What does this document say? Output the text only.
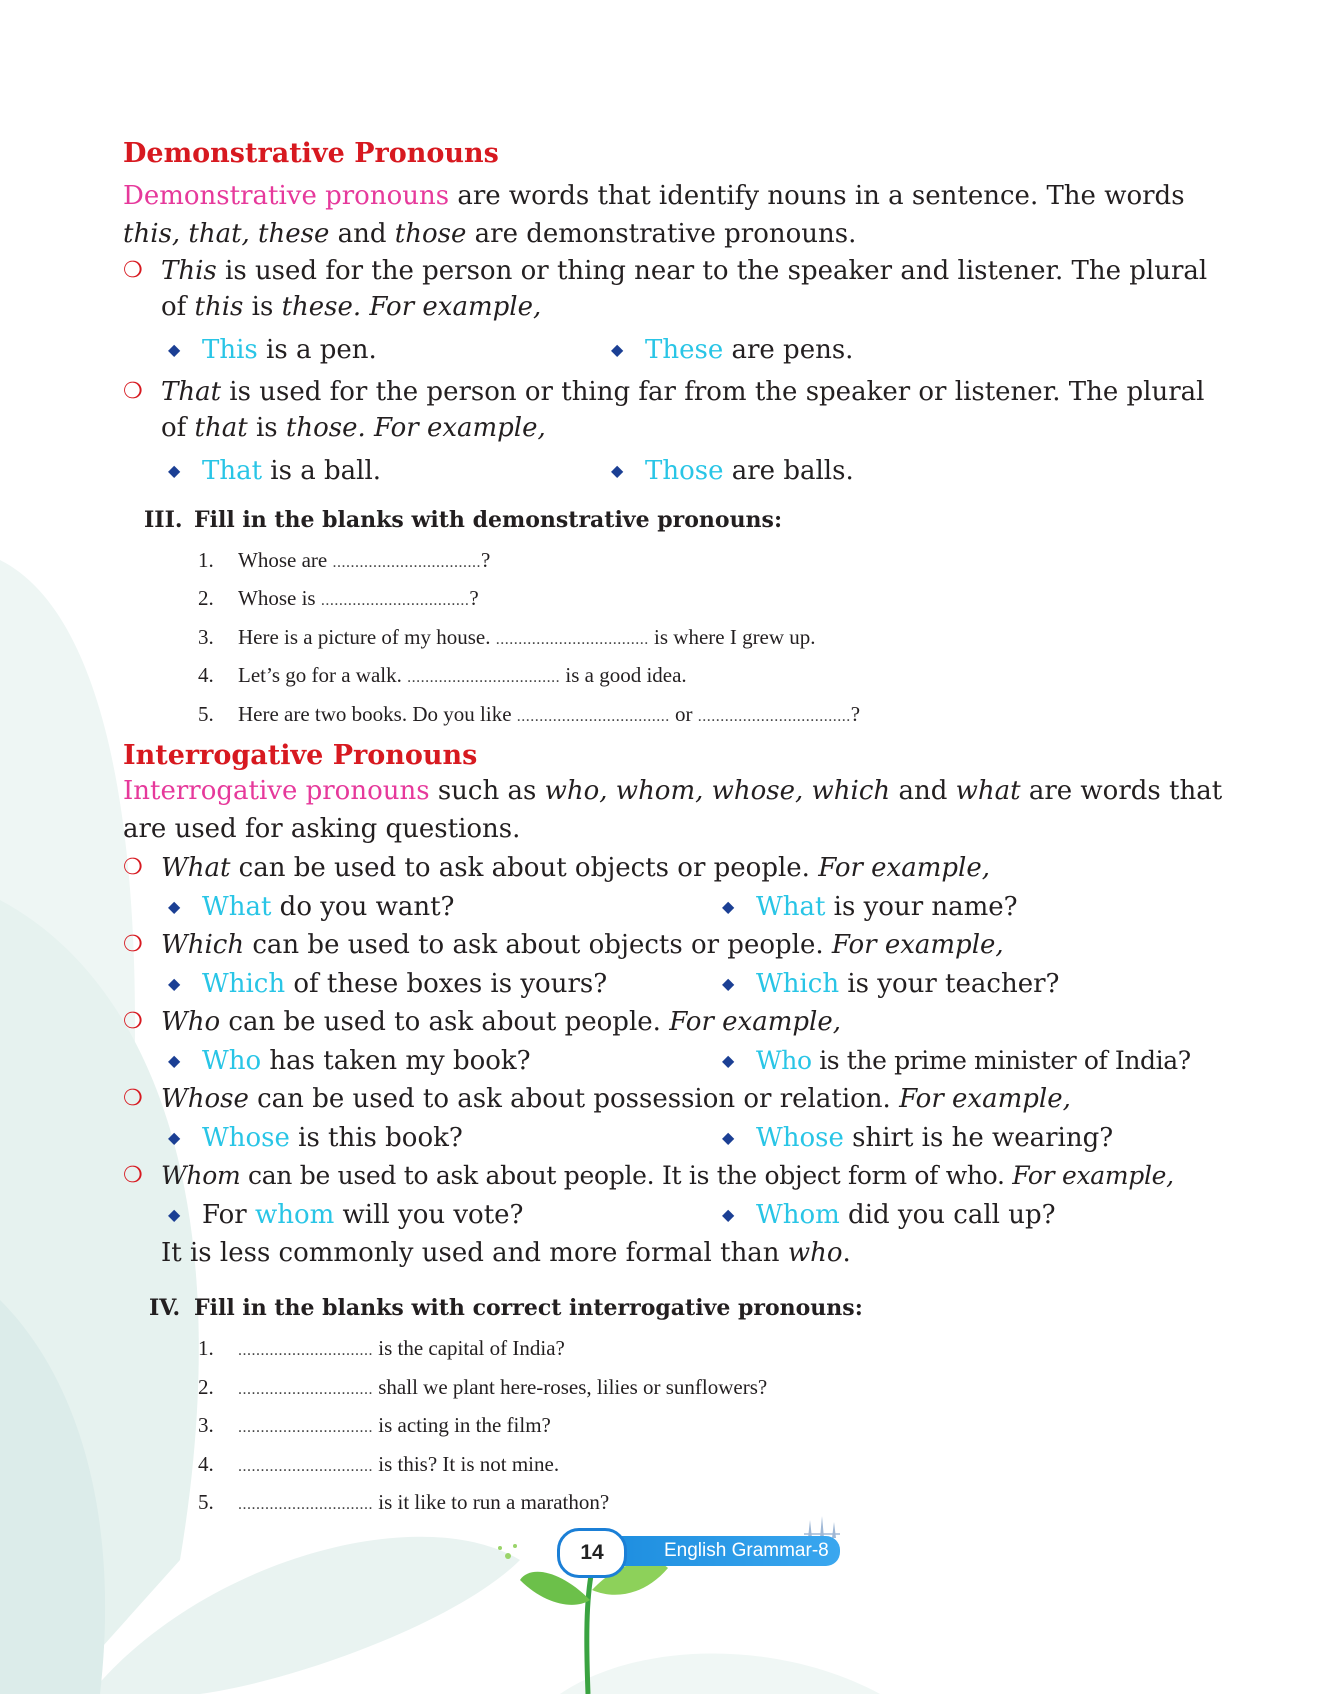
Demonstrative Pronouns
Demonstrative pronouns are words that identify nouns in a sentence. The words
this, that, these and those are demonstrative pronouns.
❍ This is used for the person or thing near to the speaker and listener. The plural
of this is these. For example,
◆ This is a pen.	◆ These are pens.
❍ That is used for the person or thing far from the speaker or listener. The plural
of that is those. For example,
◆ That is a ball.	◆ Those are balls.
III. Fill in the blanks with demonstrative pronouns:
1. Whose are .................................?
2. Whose is .................................?
3. Here is a picture of my house. .................................. is where I grew up.
4. Let’s go for a walk. .................................. is a good idea.
5. Here are two books. Do you like .................................. or ..................................?
Interrogative Pronouns
Interrogative pronouns such as who, whom, whose, which and what are words that
are used for asking questions.
❍ What can be used to ask about objects or people. For example,
◆ What do you want?	◆ What is your name?
❍ Which can be used to ask about objects or people. For example,
◆ Which of these boxes is yours?	◆ Which is your teacher?
❍ Who can be used to ask about people. For example,
◆ Who has taken my book?	◆ Who is the prime minister of India?
❍ Whose can be used to ask about possession or relation. For example,
◆ Whose is this book?	◆ Whose shirt is he wearing?
❍ Whom can be used to ask about people. It is the object form of who. For example,
◆ For whom will you vote?	◆ Whom did you call up?
It is less commonly used and more formal than who.
IV. Fill in the blanks with correct interrogative pronouns:
1. .............................. is the capital of India?
2. .............................. shall we plant here-roses, lilies or sunflowers?
3. .............................. is acting in the film?
4. .............................. is this? It is not mine.
5. .............................. is it like to run a marathon?
English Grammar-8
14
